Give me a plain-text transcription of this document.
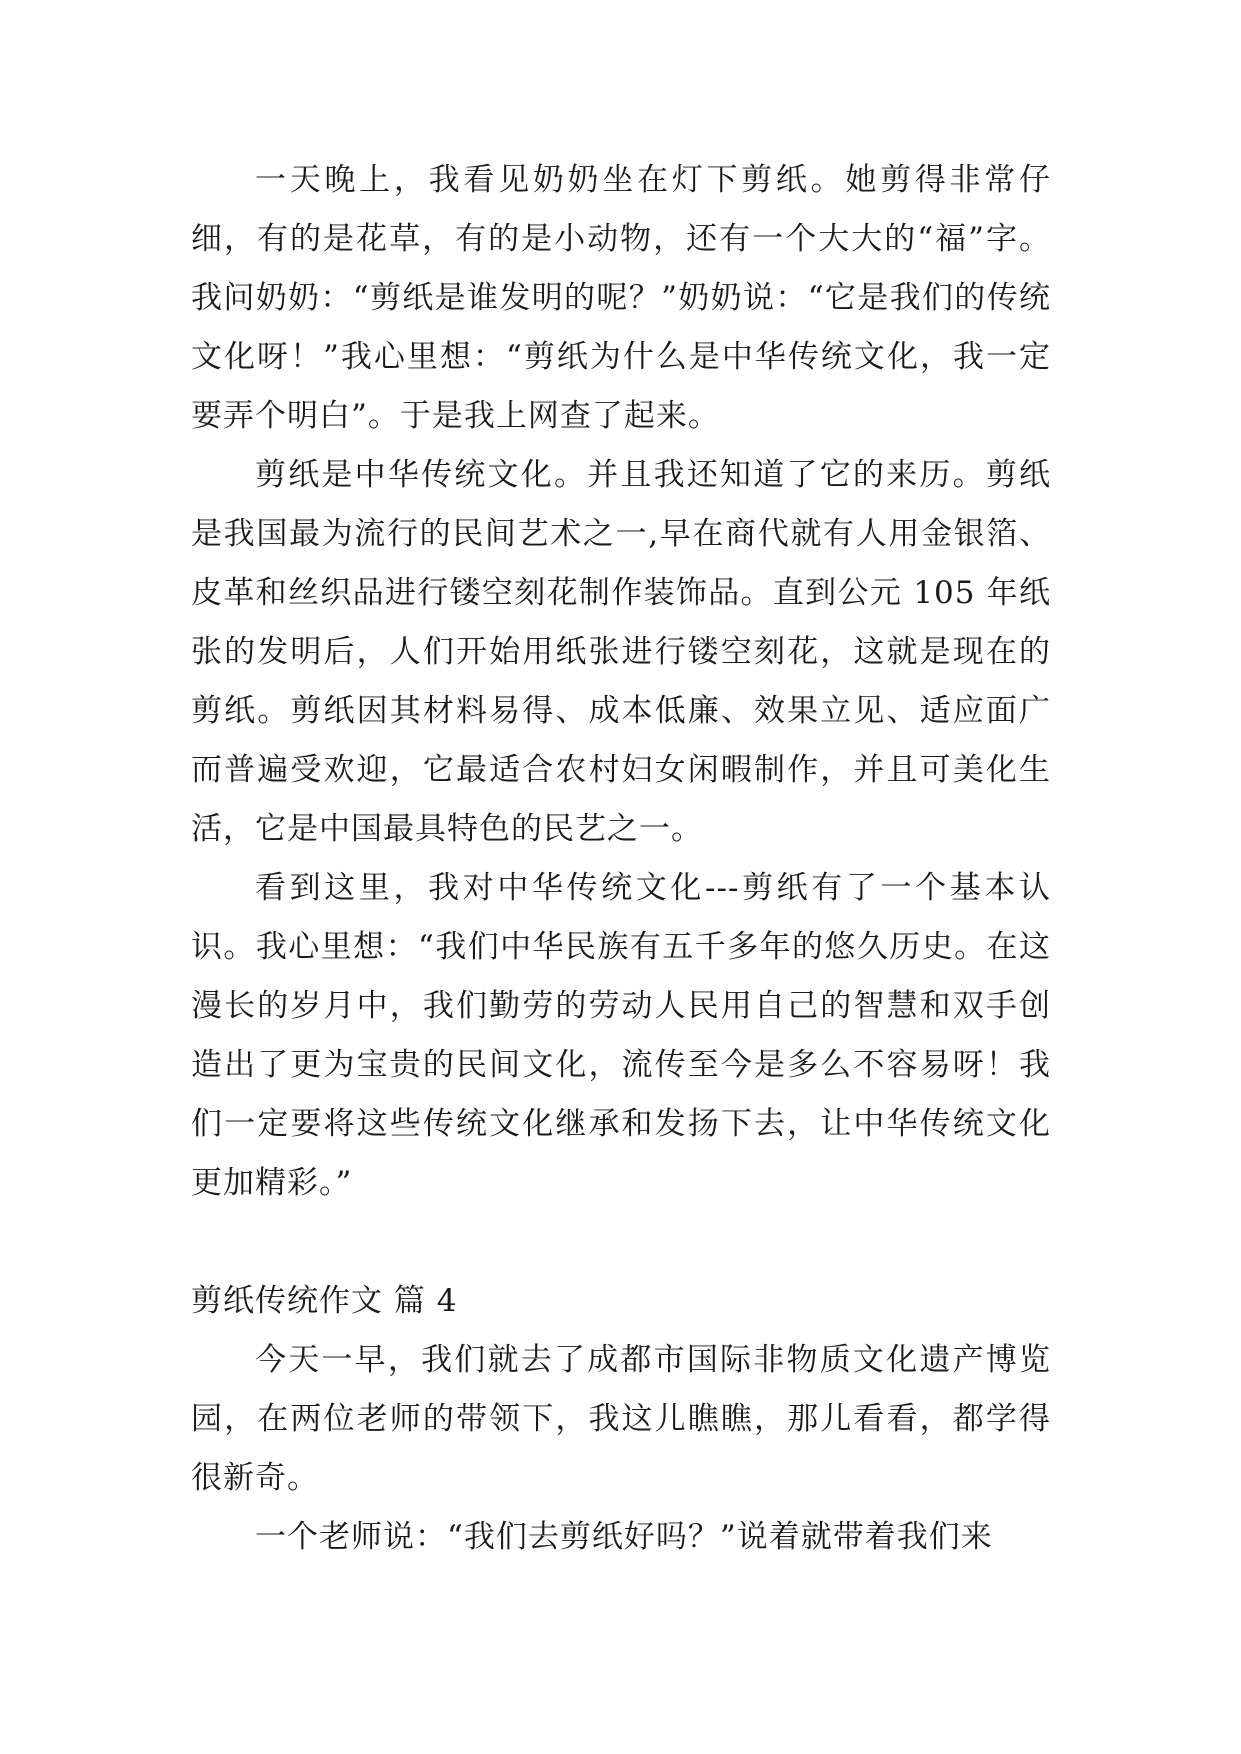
一天晚上，我看见奶奶坐在灯下剪纸。她剪得非常仔细，有的是花草，有的是小动物，还有一个大大的“福”字。我问奶奶：“剪纸是谁发明的呢？”奶奶说：“它是我们的传统文化呀！”我心里想：“剪纸为什么是中华传统文化，我一定要弄个明白”。于是我上网查了起来。

剪纸是中华传统文化。并且我还知道了它的来历。剪纸是我国最为流行的民间艺术之一,早在商代就有人用金银箔、皮革和丝织品进行镂空刻花制作装饰品。直到公元 105 年纸张的发明后，人们开始用纸张进行镂空刻花，这就是现在的剪纸。剪纸因其材料易得、成本低廉、效果立见、适应面广而普遍受欢迎，它最适合农村妇女闲暇制作，并且可美化生活，它是中国最具特色的民艺之一。

看到这里，我对中华传统文化---剪纸有了一个基本认识。我心里想：“我们中华民族有五千多年的悠久历史。在这漫长的岁月中，我们勤劳的劳动人民用自己的智慧和双手创造出了更为宝贵的民间文化，流传至今是多么不容易呀！我们一定要将这些传统文化继承和发扬下去，让中华传统文化更加精彩。”

剪纸传统作文 篇 4

今天一早，我们就去了成都市国际非物质文化遗产博览园，在两位老师的带领下，我这儿瞧瞧，那儿看看，都学得很新奇。

一个老师说：“我们去剪纸好吗？”说着就带着我们来
